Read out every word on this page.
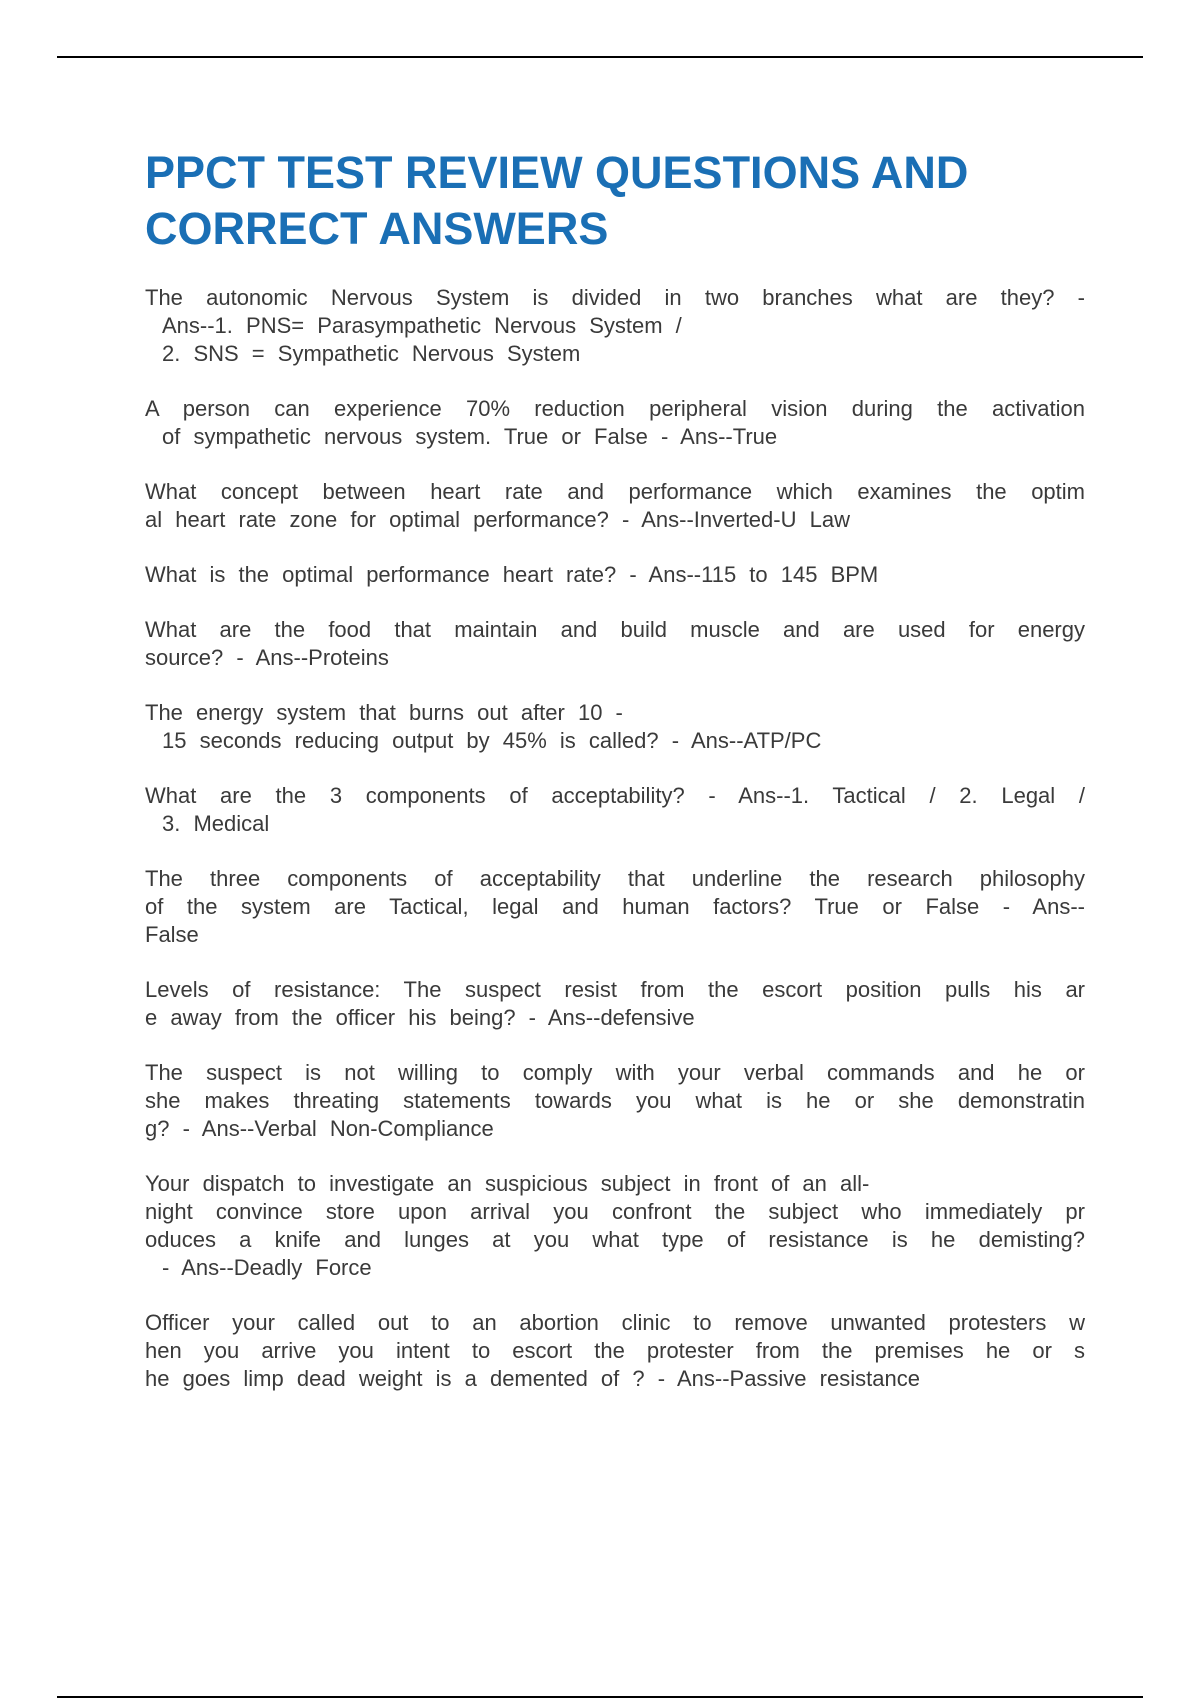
PPCT TEST REVIEW QUESTIONS AND CORRECT ANSWERS

The autonomic Nervous System is divided in two branches what are they? -
Ans--1. PNS= Parasympathetic Nervous System /
2. SNS = Sympathetic Nervous System

A person can experience 70% reduction peripheral vision during the activation
of sympathetic nervous system. True or False - Ans--True

What concept between heart rate and performance which examines the optim
al heart rate zone for optimal performance? - Ans--Inverted-U Law

What is the optimal performance heart rate? - Ans--115 to 145 BPM

What are the food that maintain and build muscle and are used for energy
source? - Ans--Proteins

The energy system that burns out after 10 -
15 seconds reducing output by 45% is called? - Ans--ATP/PC

What are the 3 components of acceptability? - Ans--1. Tactical / 2. Legal /
3. Medical

The three components of acceptability that underline the research philosophy
of the system are Tactical, legal and human factors? True or False - Ans--
False

Levels of resistance: The suspect resist from the escort position pulls his ar
e away from the officer his being? - Ans--defensive

The suspect is not willing to comply with your verbal commands and he or
she makes threating statements towards you what is he or she demonstratin
g? - Ans--Verbal Non-Compliance

Your dispatch to investigate an suspicious subject in front of an all-
night convince store upon arrival you confront the subject who immediately pr
oduces a knife and lunges at you what type of resistance is he demisting?
- Ans--Deadly Force

Officer your called out to an abortion clinic to remove unwanted protesters w
hen you arrive you intent to escort the protester from the premises he or s
he goes limp dead weight is a demented of ? - Ans--Passive resistance
